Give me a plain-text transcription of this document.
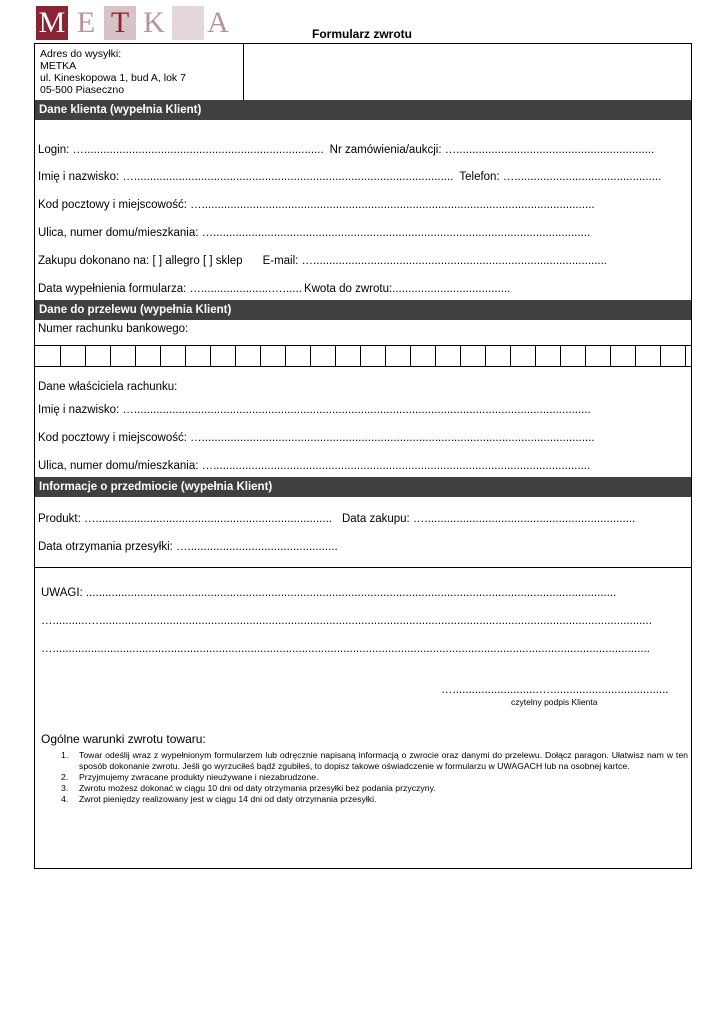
M E T K A	Formularz zwrotu
Adres do wysyłki:
METKA
ul. Kineskopowa 1, bud A, lok 7
05-500 Piaseczno
Dane klienta (wypełnia Klient)
Login: …........................................................................... Nr zamówienia/aukcji: …..............................................................
Imię i nazwisko: ….................................................................................................... Telefon: …..............................................
Kod pocztowy i miejscowość: …...........................................................................................................................
Ulica, numer domu/mieszkania: …......................................................................................................................
Zakupu dokonano na: [ ] allegro [ ] sklep E-mail: …............................................................................................
Data wypełnienia formularza: …......................…...... Kwota do zwrotu:.....................................
Dane do przelewu (wypełnia Klient)
Numer rachunku bankowego:
Dane właściciela rachunku:
Imię i nazwisko: …...............................................................................................................................................
Kod pocztowy i miejscowość: …...........................................................................................................................
Ulica, numer domu/mieszkania: …......................................................................................................................
Informacje o przedmiocie (wypełnia Klient)
Produkt: ….......................................................................... Data zakupu: …..................................................................
Data otrzymania przesyłki: …...............................................
UWAGI: ......................................................................................................................................................................
…...........….............................................................................................................................................................................
…...........................................................................................................................................................................................
…...........................….....................................
czytelny podpis Klienta
Ogólne warunki zwrotu towaru:
1. Towar odeślij wraz z wypełnionym formularzem lub odręcznie napisaną informacją o zwrocie oraz danymi do przelewu. Dołącz paragon. Ułatwisz nam w ten sposób dokonanie zwrotu. Jeśli go wyrzuciłeś bądź zgubiłeś, to dopisz takowe oświadczenie w formularzu w UWAGACH lub na osobnej kartce.
2. Przyjmujemy zwracane produkty nieużywane i niezabrudzone.
3. Zwrotu możesz dokonać w ciągu 10 dni od daty otrzymania przesyłki bez podania przyczyny.
4. Zwrot pieniędzy realizowany jest w ciągu 14 dni od daty otrzymania przesyłki.
